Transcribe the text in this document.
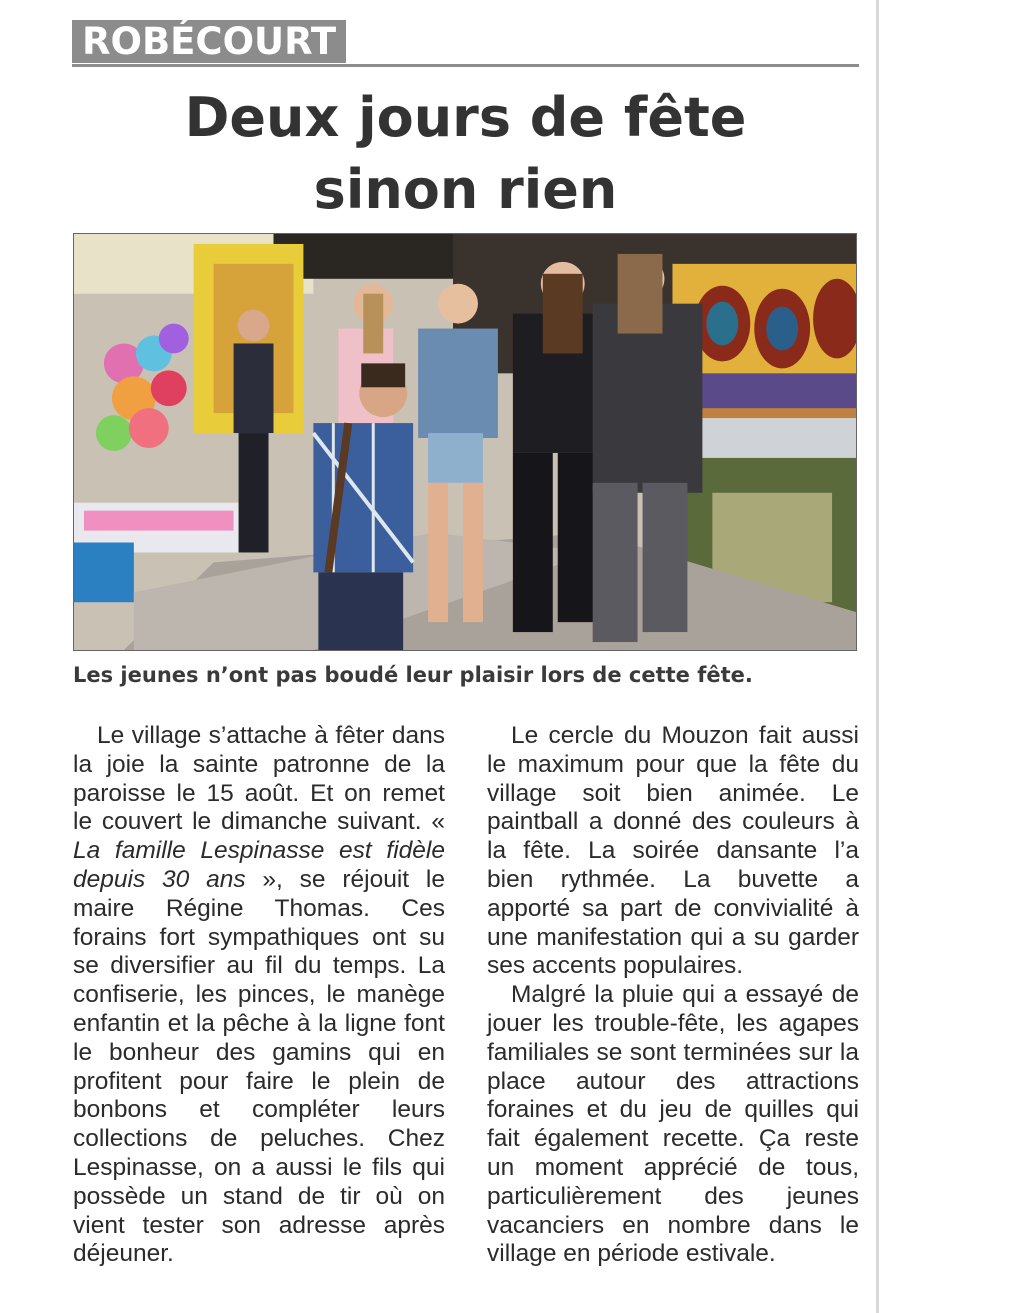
ROBÉCOURT
Deux jours de fête
sinon rien
Les jeunes n’ont pas boudé leur plaisir lors de cette fête.

Le village s’attache à fêter dans la joie la sainte patronne de la paroisse le 15 août. Et on remet le couvert le dimanche suivant. « La famille Lespinasse est fidèle depuis 30 ans », se réjouit le maire Régine Thomas. Ces forains fort sympathiques ont su se diversifier au fil du temps. La confiserie, les pinces, le manège enfantin et la pêche à la ligne font le bonheur des gamins qui en profitent pour faire le plein de bonbons et compléter leurs collections de peluches. Chez Lespinasse, on a aussi le fils qui possède un stand de tir où on vient tester son adresse après déjeuner.

Le cercle du Mouzon fait aussi le maximum pour que la fête du village soit bien animée. Le paintball a donné des couleurs à la fête. La soirée dansante l’a bien rythmée. La buvette a apporté sa part de convivialité à une manifestation qui a su garder ses accents populaires.

Malgré la pluie qui a essayé de jouer les trouble-fête, les agapes familiales se sont terminées sur la place autour des attractions foraines et du jeu de quilles qui fait également recette. Ça reste un moment apprécié de tous, particulièrement des jeunes vacanciers en nombre dans le village en période estivale.
